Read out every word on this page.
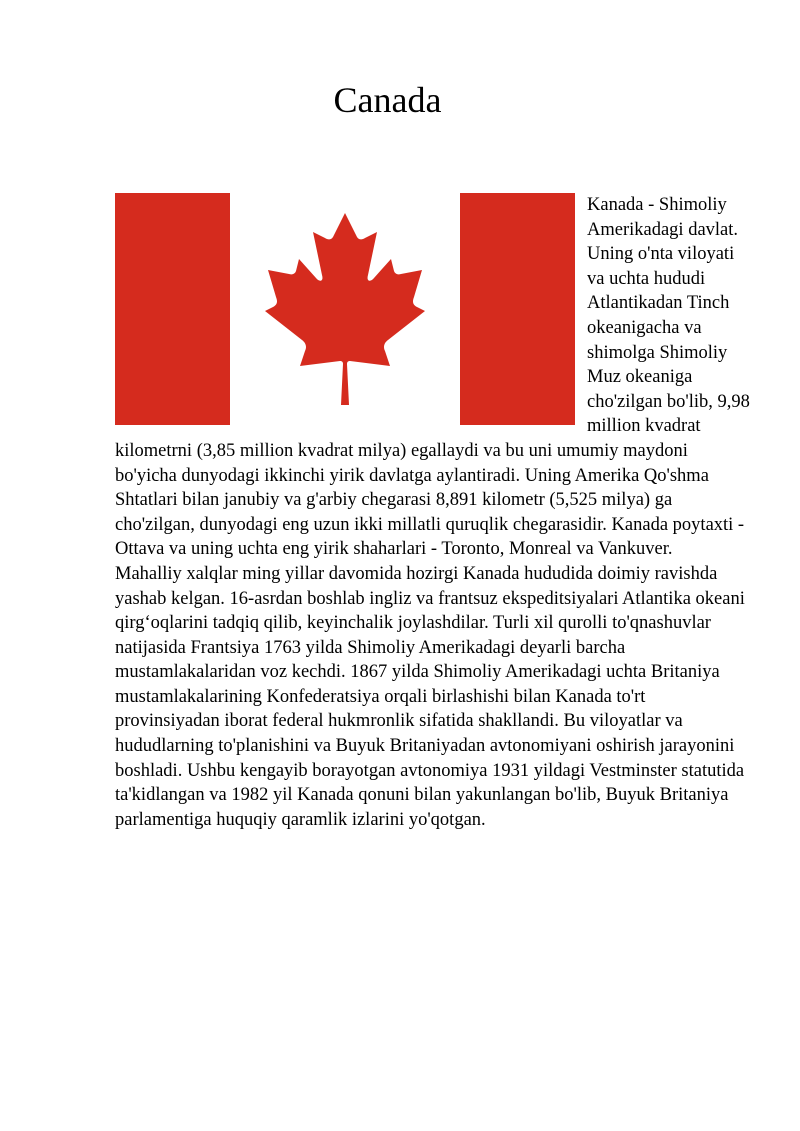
Canada

Kanada - Shimoliy Amerikadagi davlat. Uning o'nta viloyati va uchta hududi Atlantikadan Tinch okeanigacha va shimolga Shimoliy Muz okeaniga cho'zilgan bo'lib, 9,98 million kvadrat kilometrni (3,85 million kvadrat milya) egallaydi va bu uni umumiy maydoni bo'yicha dunyodagi ikkinchi yirik davlatga aylantiradi. Uning Amerika Qo'shma Shtatlari bilan janubiy va g'arbiy chegarasi 8,891 kilometr (5,525 milya) ga cho'zilgan, dunyodagi eng uzun ikki millatli quruqlik chegarasidir. Kanada poytaxti - Ottava va uning uchta eng yirik shaharlari - Toronto, Monreal va Vankuver.

Mahalliy xalqlar ming yillar davomida hozirgi Kanada hududida doimiy ravishda yashab kelgan. 16-asrdan boshlab ingliz va frantsuz ekspeditsiyalari Atlantika okeani qirg‘oqlarini tadqiq qilib, keyinchalik joylashdilar. Turli xil qurolli to'qnashuvlar natijasida Frantsiya 1763 yilda Shimoliy Amerikadagi deyarli barcha mustamlakalaridan voz kechdi. 1867 yilda Shimoliy Amerikadagi uchta Britaniya mustamlakalarining Konfederatsiya orqali birlashishi bilan Kanada to'rt provinsiyadan iborat federal hukmronlik sifatida shakllandi. Bu viloyatlar va hududlarning to'planishini va Buyuk Britaniyadan avtonomiyani oshirish jarayonini boshladi. Ushbu kengayib borayotgan avtonomiya 1931 yildagi Vestminster statutida ta'kidlangan va 1982 yil Kanada qonuni bilan yakunlangan bo'lib, Buyuk Britaniya parlamentiga huquqiy qaramlik izlarini yo'qotgan.
